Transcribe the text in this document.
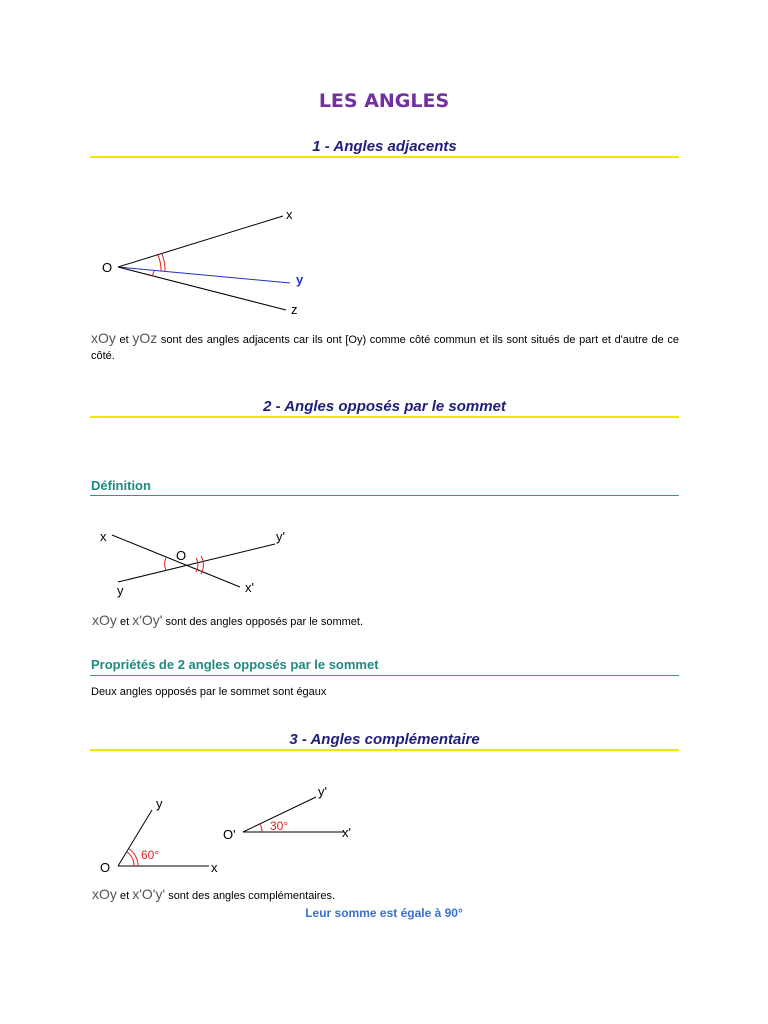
LES ANGLES
1 - Angles adjacents
O
x
y
z
xOy et yOz sont des angles adjacents car ils ont [Oy) comme côté commun et ils sont situés de part et d'autre de ce côté.
2 - Angles opposés par le sommet
Définition
x
O
y'
y	x'
xOy et x'Oy' sont des angles opposés par le sommet.
Propriétés de 2 angles opposés par le sommet
Deux angles opposés par le sommet sont égaux
3 - Angles complémentaire
y
O	x
60°
y'
O'	x'
30°
xOy et x'O'y' sont des angles complémentaires.
Leur somme est égale à 90°
